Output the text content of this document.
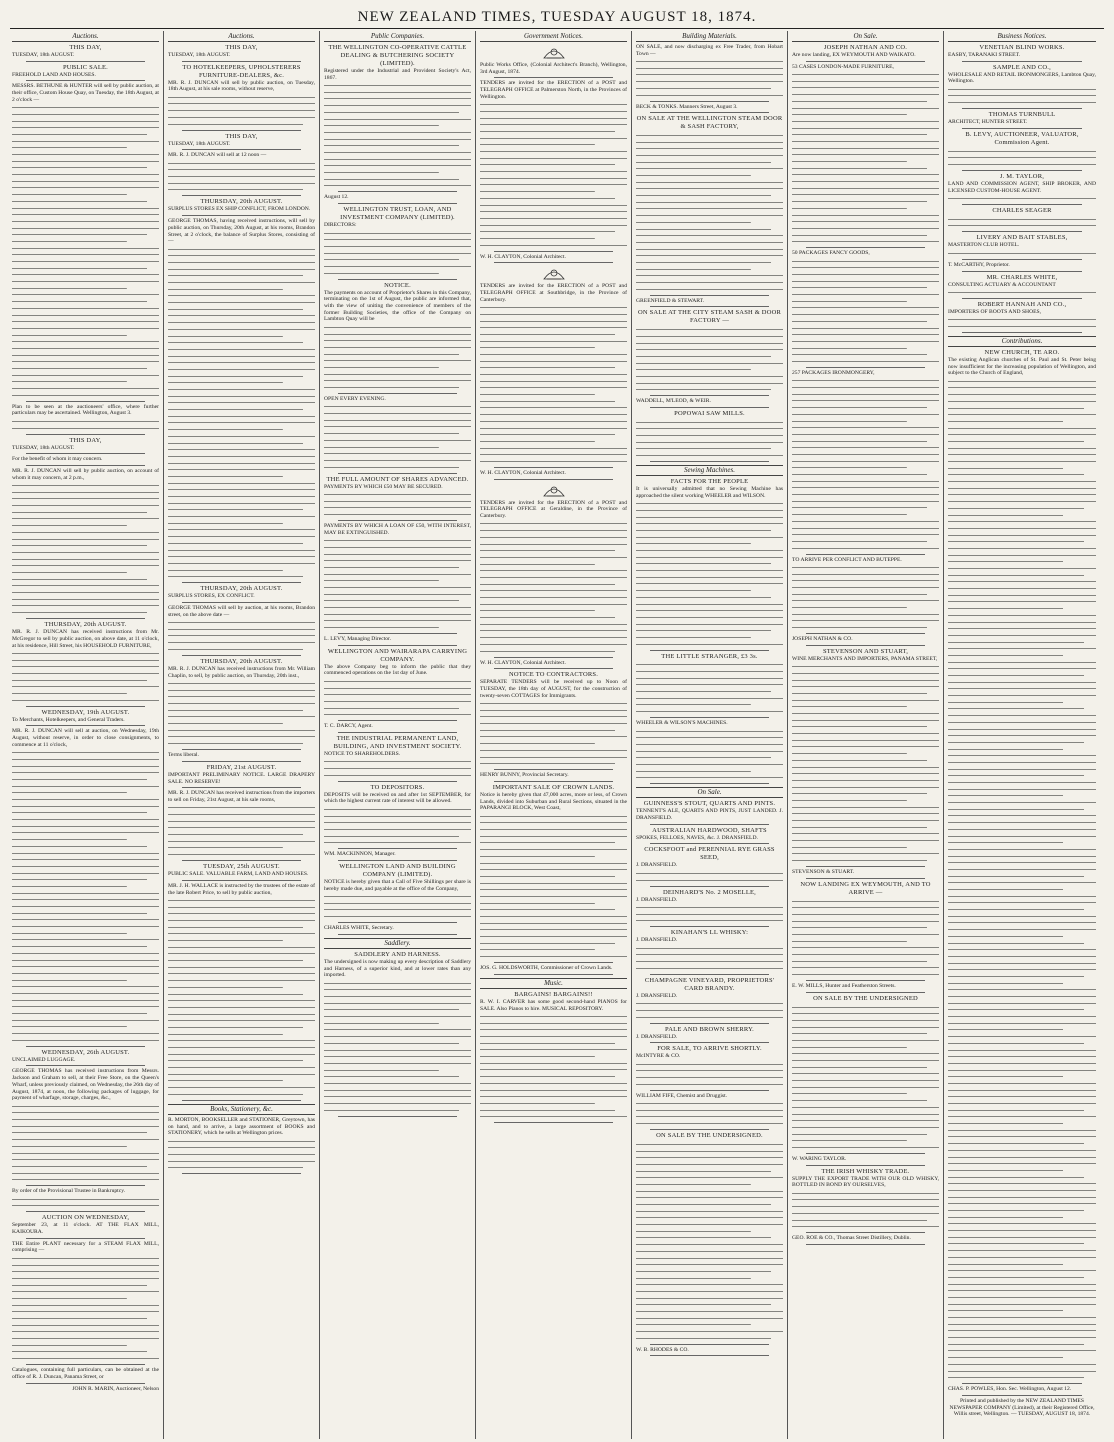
NEW ZEALAND TIMES, TUESDAY AUGUST 18, 1874.
Auctions.
THIS DAY,
TUESDAY, 18th AUGUST.
PUBLIC SALE.
FREEHOLD LAND AND HOUSES.
MESSRS. BETHUNE & HUNTER will sell by public auction, at their office, Custom House Quay, on Tuesday, the 18th August, at 2 o'clock —
Plan to be seen at the auctioneers' office, where further particulars may be ascertained. Wellington, August 3.
THIS DAY,
TUESDAY, 18th AUGUST.
For the benefit of whom it may concern.
MR. R. J. DUNCAN will sell by public auction, on account of whom it may concern, at 2 p.m.,
THURSDAY, 20th AUGUST.
MR. R. J. DUNCAN has received instructions from Mr. McGregor to sell by public auction, on above date, at 11 o'clock, at his residence, Hill Street, his HOUSEHOLD FURNITURE,
WEDNESDAY, 19th AUGUST.
To Merchants, Hotelkeepers, and General Traders.
MR. R. J. DUNCAN will sell at auction, on Wednesday, 19th August, without reserve, in order to close consignments, to commence at 11 o'clock,
WEDNESDAY, 26th AUGUST.
UNCLAIMED LUGGAGE.
GEORGE THOMAS has received instructions from Messrs. Jackson and Graham to sell, at their Free Store, on the Queen's Wharf, unless previously claimed, on Wednesday, the 26th day of August, 1874, at noon, the following packages of luggage, for payment of wharfage, storage, charges, &c.,
By order of the Provisional Trustee in Bankruptcy.
AUCTION ON WEDNESDAY,
September 23, at 11 o'clock. AT THE FLAX MILL, KAIKOURA.
THE Entire PLANT necessary for a STEAM FLAX MILL, comprising —
Catalogues, containing full particulars, can be obtained at the office of R. J. Duncan, Panama Street, or
JOHN R. MARIN, Auctioneer, Nelson
Auctions.
THIS DAY,
TUESDAY, 18th AUGUST.
TO HOTELKEEPERS, UPHOLSTERERS FURNITURE-DEALERS, &c.
MR. R. J. DUNCAN will sell by public auction, on Tuesday, 18th August, at his sale rooms, without reserve,
THIS DAY,
TUESDAY, 18th AUGUST.
MR. R. J. DUNCAN will sell at 12 noon —
THURSDAY, 20th AUGUST.
SURPLUS STORES EX SHIP CONFLICT, FROM LONDON.
GEORGE THOMAS, having received instructions, will sell by public auction, on Thursday, 20th August, at his rooms, Brandon Street, at 2 o'clock, the balance of Surplus Stores, consisting of —
THURSDAY, 20th AUGUST.
SURPLUS STORES, EX CONFLICT.
GEORGE THOMAS will sell by auction, at his rooms, Brandon street, on the above date —
THURSDAY, 20th AUGUST.
MR. R. J. DUNCAN has received instructions from Mr. William Chaplin, to sell, by public auction, on Thursday, 20th inst.,
Terms liberal.
FRIDAY, 21st AUGUST.
IMPORTANT PRELIMINARY NOTICE. LARGE DRAPERY SALE. NO RESERVE!
MR. R. J. DUNCAN has received instructions from the importers to sell on Friday, 21st August, at his sale rooms,
TUESDAY, 25th AUGUST.
PUBLIC SALE. VALUABLE FARM, LAND AND HOUSES.
MR. J. H. WALLACE is instructed by the trustees of the estate of the late Robert Price, to sell by public auction,
Books, Stationery, &c.
R. MORTON, BOOKSELLER and STATIONER, Greytown, has on hand, and to arrive, a large assortment of BOOKS and STATIONERY, which he sells at Wellington prices.
Public Companies.
THE WELLINGTON CO-OPERATIVE CATTLE DEALING & BUTCHERING SOCIETY (LIMITED).
Registered under the Industrial and Provident Society's Act, 1867.
August 12.
WELLINGTON TRUST, LOAN, AND INVESTMENT COMPANY (LIMITED).
DIRECTORS:
NOTICE.
The payments on account of Proprietor's Shares in this Company, terminating on the 1st of August, the public are informed that, with the view of uniting the convenience of members of the former Building Societies, the office of the Company on Lambton Quay will be
OPEN EVERY EVENING.
THE FULL AMOUNT OF SHARES ADVANCED.
PAYMENTS BY WHICH £50 MAY BE SECURED.
PAYMENTS BY WHICH A LOAN OF £50, WITH INTEREST, MAY BE EXTINGUISHED.
L. LEVY, Managing Director.
WELLINGTON AND WAIRARAPA CARRYING COMPANY.
The above Company beg to inform the public that they commenced operations on the 1st day of June.
T. C. DARCY, Agent.
THE INDUSTRIAL PERMANENT LAND, BUILDING, AND INVESTMENT SOCIETY.
NOTICE TO SHAREHOLDERS.
TO DEPOSITORS.
DEPOSITS will be received on and after 1st SEPTEMBER, for which the highest current rate of interest will be allowed.
WM. MACKINNON, Manager.
WELLINGTON LAND AND BUILDING COMPANY (LIMITED).
NOTICE is hereby given that a Call of Five Shillings per share is hereby made due, and payable at the office of the Company,
CHARLES WHITE, Secretary.
Saddlery.
SADDLERY AND HARNESS.
The undersigned is now making up every description of Saddlery and Harness, of a superior kind, and at lower rates than any imported.
Government Notices.
Public Works Office, (Colonial Architect's Branch), Wellington, 3rd August, 1874.
TENDERS are invited for the ERECTION of a POST and TELEGRAPH OFFICE at Palmerston North, in the Provinces of Wellington.
W. H. CLAYTON, Colonial Architect.
TENDERS are invited for the ERECTION of a POST and TELEGRAPH OFFICE at Southbridge, in the Province of Canterbury.
W. H. CLAYTON, Colonial Architect.
TENDERS are invited for the ERECTION of a POST and TELEGRAPH OFFICE at Geraldine, in the Province of Canterbury.
W. H. CLAYTON, Colonial Architect.
NOTICE TO CONTRACTORS.
SEPARATE TENDERS will be received up to Noon of TUESDAY, the 18th day of AUGUST, for the construction of twenty-seven COTTAGES for Immigrants.
HENRY BUNNY, Provincial Secretary.
IMPORTANT SALE OF CROWN LANDS.
Notice is hereby given that 47,000 acres, more or less, of Crown Lands, divided into Suburban and Rural Sections, situated in the PAPARANGI BLOCK, West Coast,
JOS. G. HOLDSWORTH, Commissioner of Crown Lands.
Music.
BARGAINS! BARGAINS!!
R. W. I. CARVER has some good second-hand PIANOS for SALE. Also Pianos to hire. MUSICAL REPOSITORY.
Building Materials.
ON SALE, and now discharging ex Free Trader, from Hobart Town —
BECK & TONKS. Manners Street, August 3.
ON SALE AT THE WELLINGTON STEAM DOOR & SASH FACTORY,
GREENFIELD & STEWART.
ON SALE AT THE CITY STEAM SASH & DOOR FACTORY —
WADDELL, M'LEOD, & WEIR.
POPOWAI SAW MILLS.
Sewing Machines.
FACTS FOR THE PEOPLE
It is universally admitted that no Sewing Machine has approached the silent working WHEELER and WILSON.
THE LITTLE STRANGER, £3 3s.
WHEELER & WILSON'S MACHINES.
On Sale.
GUINNESS'S STOUT, QUARTS AND PINTS.
TENNENT'S ALE, QUARTS AND PINTS, JUST LANDED. J. DRANSFIELD.
AUSTRALIAN HARDWOOD, SHAFTS
SPOKES, FELLOES, NAVES, &c. J. DRANSFIELD.
COCKSFOOT and PERENNIAL RYE GRASS SEED,
J. DRANSFIELD.
DEINHARD'S No. 2 MOSELLE,
J. DRANSFIELD.
KINAHAN'S LL WHISKY:
J. DRANSFIELD.
CHAMPAGNE VINEYARD, PROPRIETORS' CARD BRANDY.
J. DRANSFIELD.
PALE AND BROWN SHERRY.
J. DRANSFIELD.
FOR SALE, TO ARRIVE SHORTLY.
McINTYRE & CO.
WILLIAM FIFE, Chemist and Druggist.
ON SALE BY THE UNDERSIGNED.
W. B. RHODES & CO.
On Sale.
JOSEPH NATHAN AND CO.
Are now landing, EX WEYMOUTH AND WAIKATO.
53 CASES LONDON-MADE FURNITURE,
50 PACKAGES FANCY GOODS,
257 PACKAGES IRONMONGERY,
TO ARRIVE PER CONFLICT AND BUTEPPE.
JOSEPH NATHAN & CO.
STEVENSON AND STUART,
WINE MERCHANTS AND IMPORTERS, PANAMA STREET,
STEVENSON & STUART.
NOW LANDING EX WEYMOUTH, AND TO ARRIVE —
E. W. MILLS, Hunter and Featherston Streets.
ON SALE BY THE UNDERSIGNED
W. WARING TAYLOR.
THE IRISH WHISKY TRADE.
SUPPLY THE EXPORT TRADE WITH OUR OLD WHISKY, BOTTLED IN BOND BY OURSELVES,
GEO. ROE & CO., Thomas Street Distillery, Dublin.
Business Notices.
VENETIAN BLIND WORKS.
EASBY, TARANAKI STREET.
SAMPLE AND CO.,
WHOLESALE AND RETAIL IRONMONGERS, Lambton Quay, Wellington.
THOMAS TURNBULL
ARCHITECT, HUNTER STREET.
B. LEVY, AUCTIONEER, VALUATOR, Commission Agent.
J. M. TAYLOR,
LAND AND COMMISSION AGENT, SHIP BROKER, AND LICENSED CUSTOM-HOUSE AGENT.
CHARLES SEAGER
LIVERY AND BAIT STABLES,
MASTERTON CLUB HOTEL.
T. McCARTHY, Proprietor.
MR. CHARLES WHITE,
CONSULTING ACTUARY & ACCOUNTANT
ROBERT HANNAH AND CO.,
IMPORTERS OF BOOTS AND SHOES,
Contributions.
NEW CHURCH, TE ARO.
The existing Anglican churches of St. Paul and St. Peter being now insufficient for the increasing population of Wellington, and subject to the Church of England,
CHAS. P. POWLES, Hon. Sec. Wellington, August 12.
Printed and published by the NEW ZEALAND TIMES NEWSPAPER COMPANY (Limited), at their Registered Office, Willis street, Wellington. — TUESDAY, AUGUST 18, 1874.
